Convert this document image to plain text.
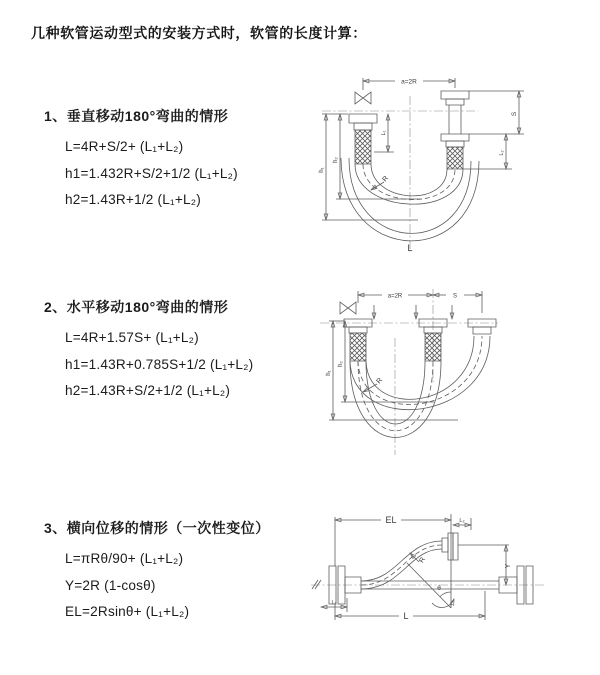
几种软管运动型式的安装方式时，软管的长度计算：

1、垂直移动180°弯曲的情形

L=4R+S/2+ (L₁+L₂)

h1=1.432R+S/2+1/2 (L₁+L₂)

h2=1.43R+1/2 (L₁+L₂)

a=2R
R
L
h₁
h₂
L₁
S
L₂

2、水平移动180°弯曲的情形

L=4R+1.57S+ (L₁+L₂)

h1=1.43R+0.785S+1/2 (L₁+L₂)

h2=1.43R+S/2+1/2 (L₁+L₂)

a=2R	S
R
h₁
h₂

3、横向位移的情形（一次性变位）

L=πRθ/90+ (L₁+L₂)

Y=2R (1-cosθ)

EL=2Rsinθ+ (L₁+L₂)

EL	L₂
Y
R
θ
L₁
L
